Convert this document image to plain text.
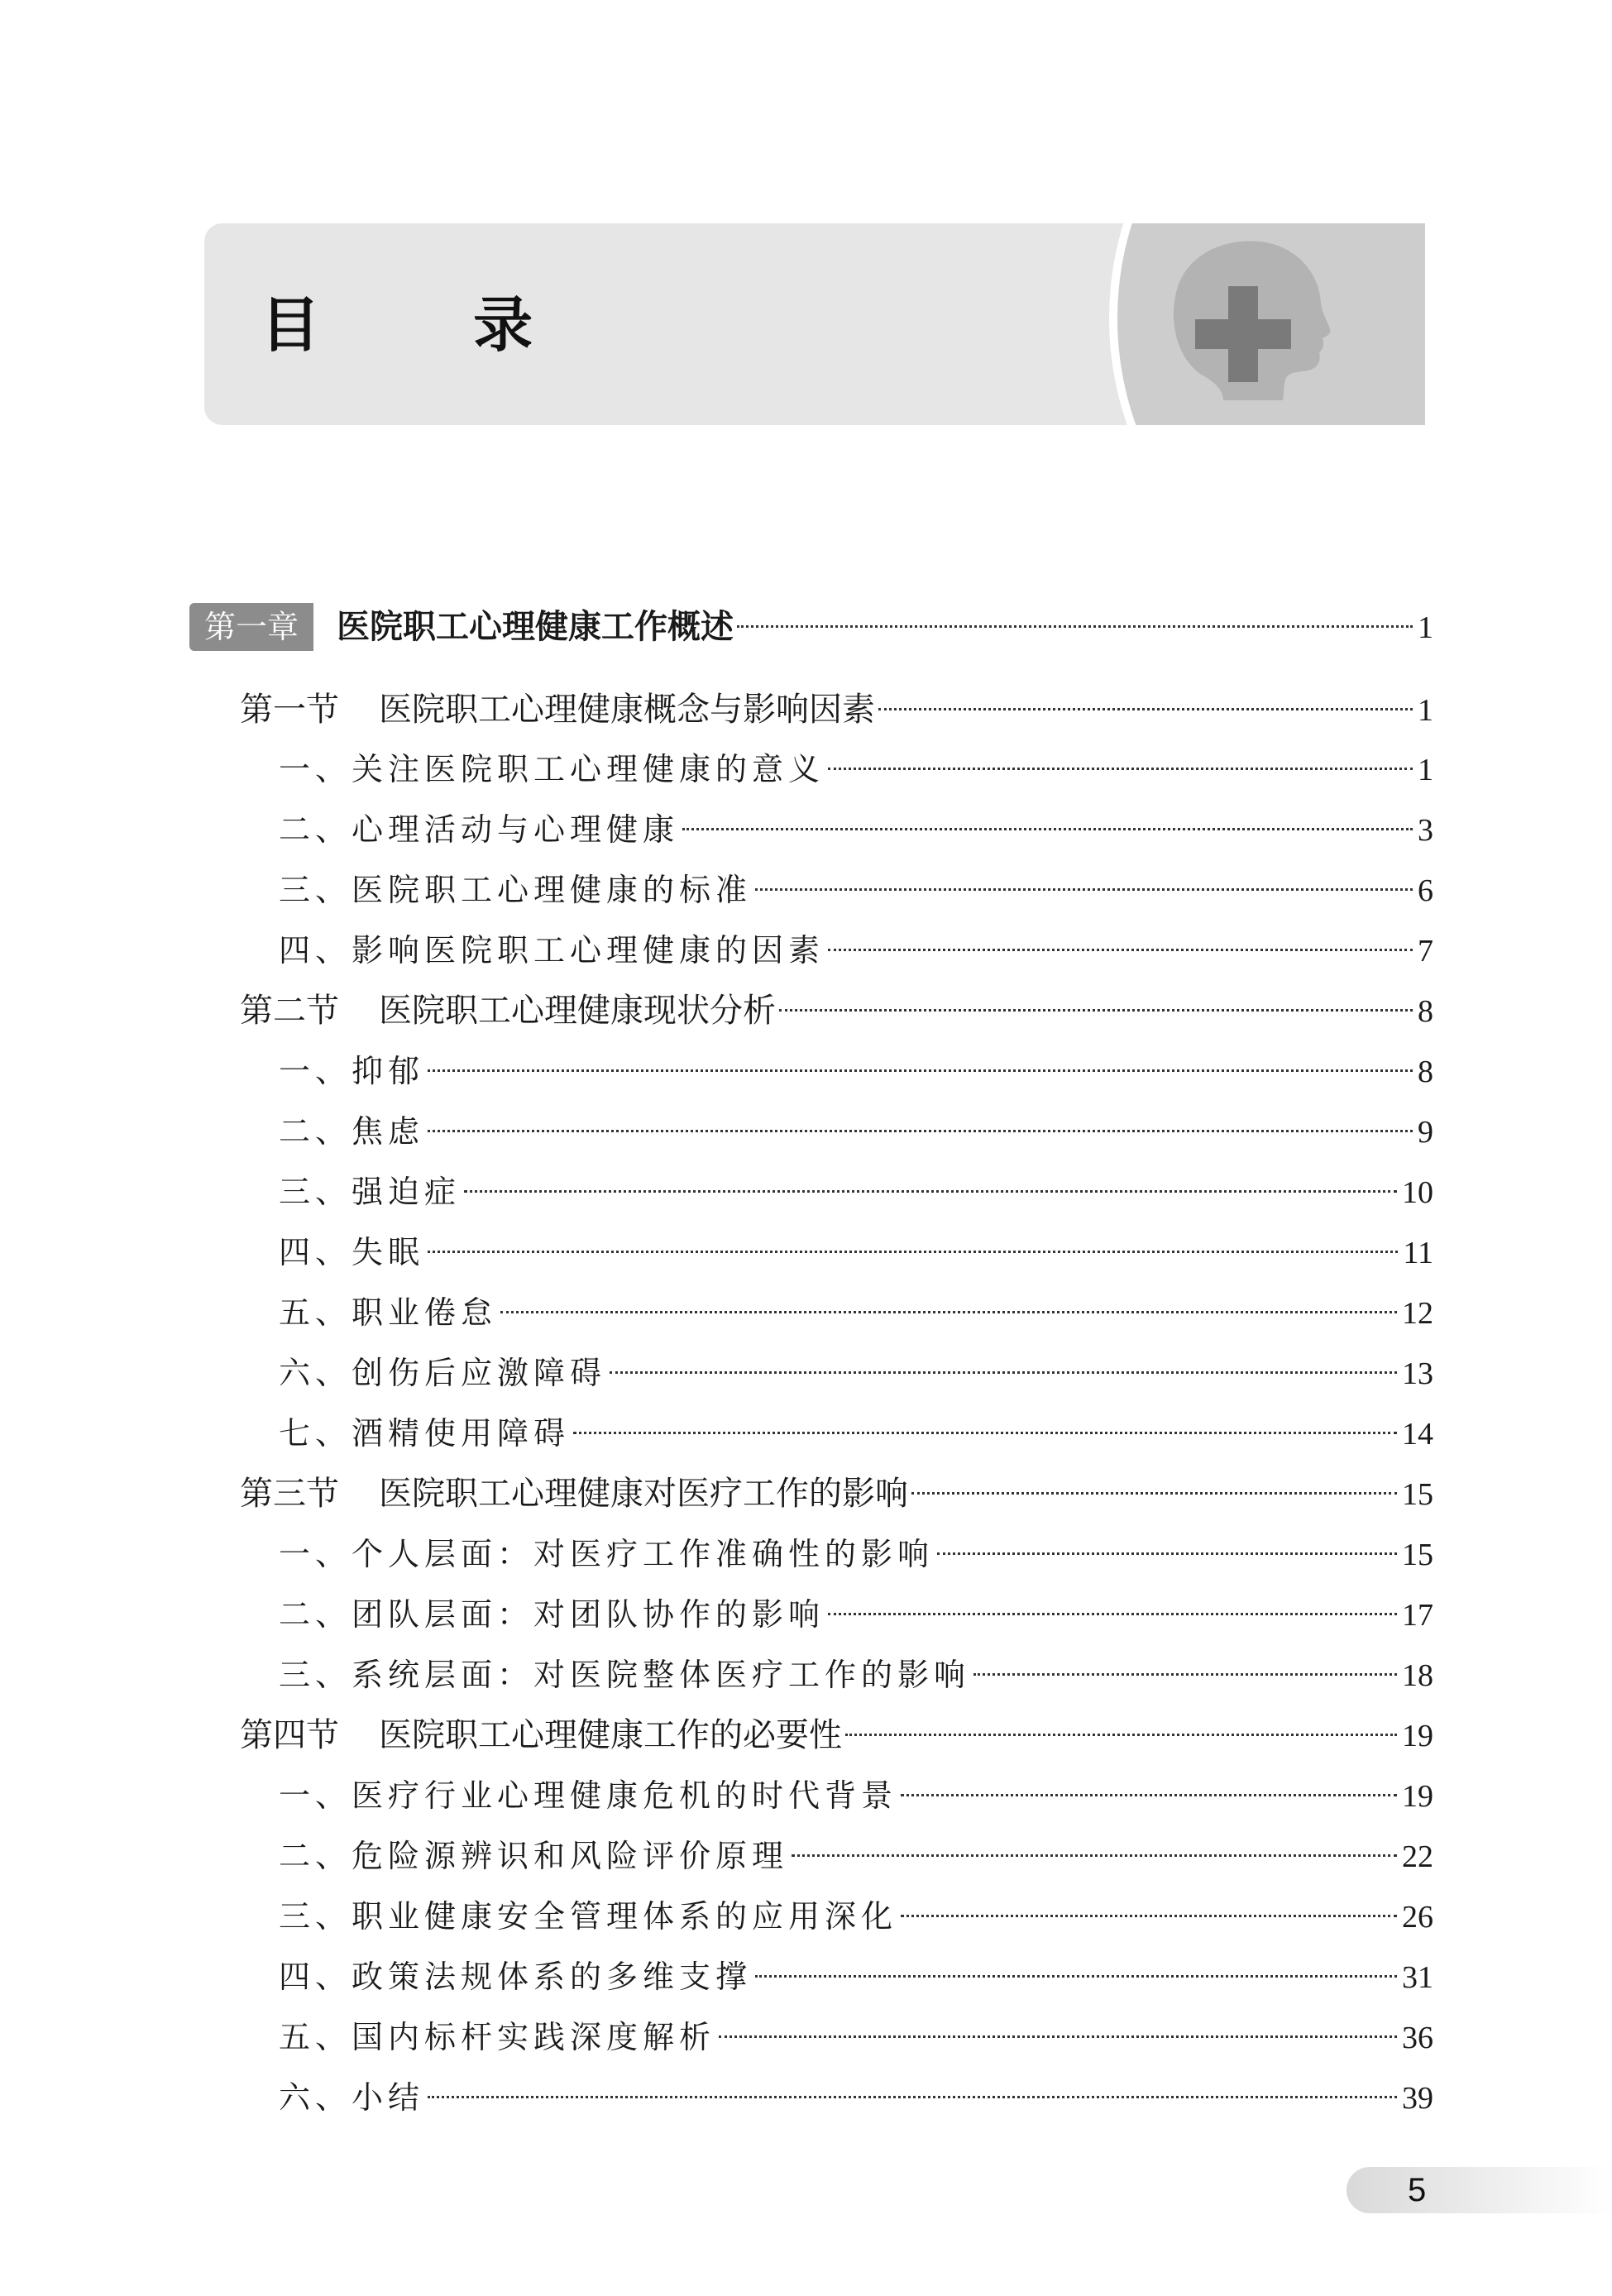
目 录
第一章	医院职工心理健康工作概述	1
第一节 医院职工心理健康概念与影响因素	1
一、关注医院职工心理健康的意义	1
二、心理活动与心理健康	3
三、医院职工心理健康的标准	6
四、影响医院职工心理健康的因素	7
第二节 医院职工心理健康现状分析	8
一、抑郁	8
二、焦虑	9
三、强迫症	10
四、失眠	11
五、职业倦怠	12
六、创伤后应激障碍	13
七、酒精使用障碍	14
第三节 医院职工心理健康对医疗工作的影响	15
一、个人层面：对医疗工作准确性的影响	15
二、团队层面：对团队协作的影响	17
三、系统层面：对医院整体医疗工作的影响	18
第四节 医院职工心理健康工作的必要性	19
一、医疗行业心理健康危机的时代背景	19
二、危险源辨识和风险评价原理	22
三、职业健康安全管理体系的应用深化	26
四、政策法规体系的多维支撑	31
五、国内标杆实践深度解析	36
六、小结	39
5
